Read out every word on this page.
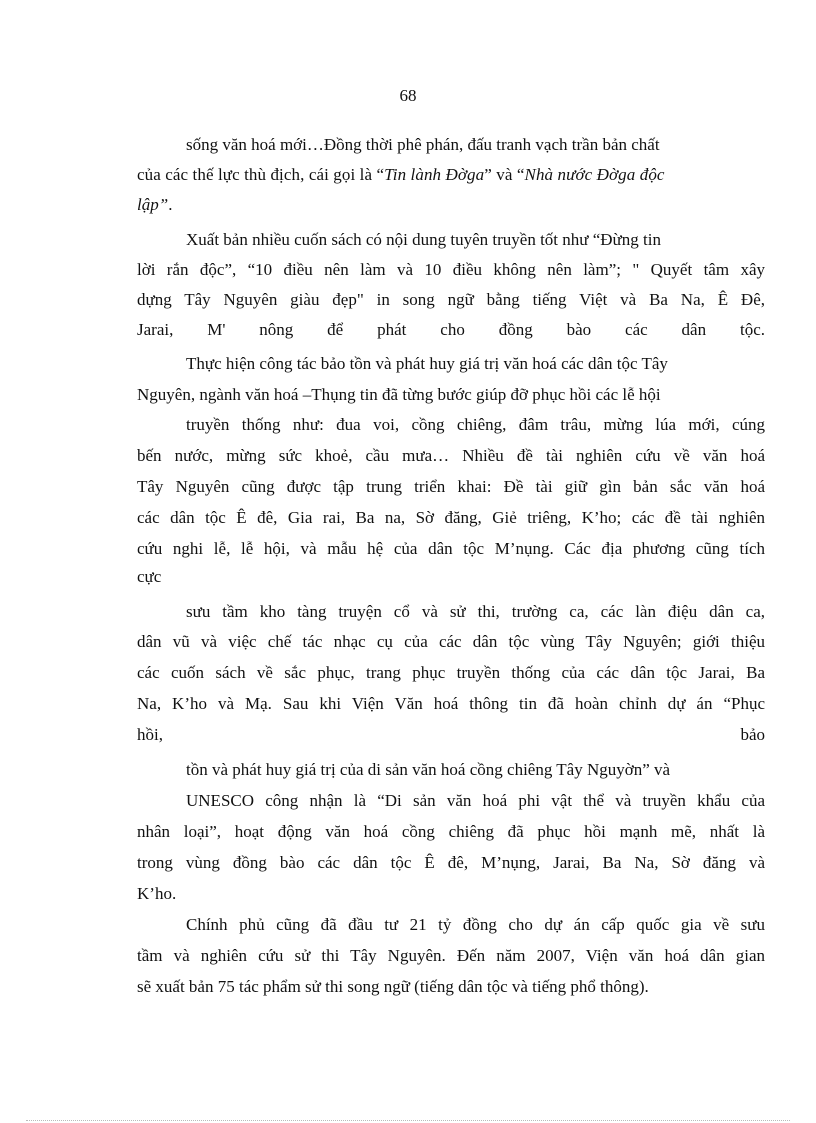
68
sống văn hoá mới…Đồng thời phê phán, đấu tranh vạch trần bản chất
của các thế lực thù địch, cái gọi là “Tin lành Đờga” và “Nhà nước Đờga độc
lập”.
Xuất bản nhiều cuốn sách có nội dung tuyên truyền tốt như “Đừng tin
lời rắn độc”, “10 điều nên làm và 10 điều không nên làm”; " Quyết tâm xây
dựng Tây Nguyên giàu đẹp" in song ngữ bằng tiếng Việt và Ba Na, Ê Đê,
Jarai, M' nông để phát cho đồng bào các dân tộc.
Thực hiện công tác bảo tồn và phát huy giá trị văn hoá các dân tộc Tây
Nguyên, ngành văn hoá –Thụng tin đã từng bước giúp đỡ phục hồi các lễ hội
truyền thống như: đua voi, cồng chiêng, đâm trâu, mừng lúa mới, cúng
bến nước, mừng sức khoẻ, cầu mưa… Nhiều đề tài nghiên cứu về văn hoá
Tây Nguyên cũng được tập trung triển khai: Đề tài giữ gìn bản sắc văn hoá
các dân tộc Ê đê, Gia rai, Ba na, Sờ đăng, Giẻ triêng, K’ho; các đề tài nghiên
cứu nghi lễ, lễ hội, và mẫu hệ của dân tộc M’nụng. Các địa phương cũng tích
cực
sưu tầm kho tàng truyện cổ và sử thi, trường ca, các làn điệu dân ca,
dân vũ và việc chế tác nhạc cụ của các dân tộc vùng Tây Nguyên; giới thiệu
các cuốn sách về sắc phục, trang phục truyền thống của các dân tộc Jarai, Ba
Na, K’ho và Mạ. Sau khi Viện Văn hoá thông tin đã hoàn chỉnh dự án “Phục
hồi,	bảo
tồn và phát huy giá trị của di sản văn hoá cồng chiêng Tây Nguyờn” và
UNESCO công nhận là “Di sản văn hoá phi vật thể và truyền khẩu của
nhân loại”, hoạt động văn hoá cồng chiêng đã phục hồi mạnh mẽ, nhất là
trong vùng đồng bào các dân tộc Ê đê, M’nụng, Jarai, Ba Na, Sờ đăng và
K’ho.
Chính phủ cũng đã đầu tư 21 tỷ đồng cho dự án cấp quốc gia về sưu
tầm và nghiên cứu sử thi Tây Nguyên. Đến năm 2007, Viện văn hoá dân gian
sẽ xuất bản 75 tác phẩm sử thi song ngữ (tiếng dân tộc và tiếng phổ thông).
